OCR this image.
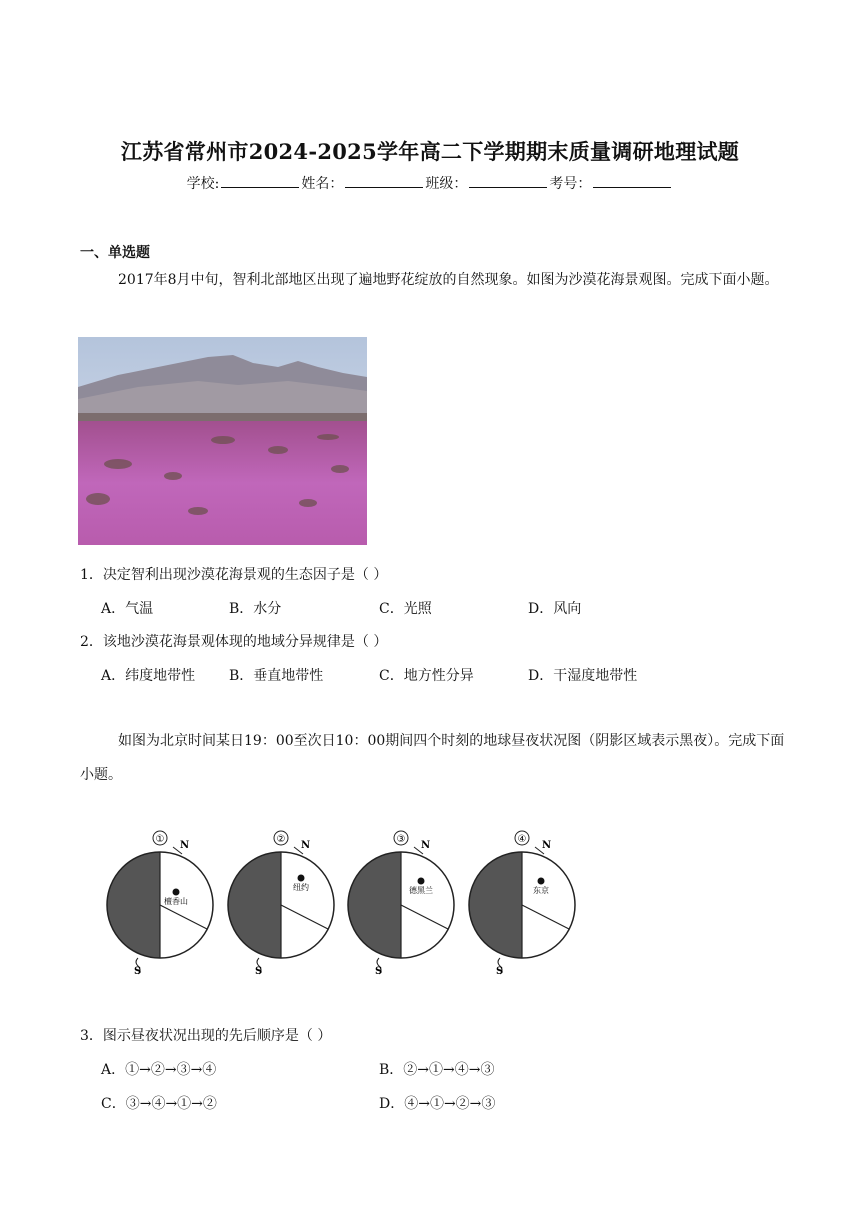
江苏省常州市2024-2025学年高二下学期期末质量调研地理试题
学校:	姓名：	班级：	考号：
一、单选题
2017年8月中旬，智利北部地区出现了遍地野花绽放的自然现象。如图为沙漠花海景观图。完成下面小题。
1．决定智利出现沙漠花海景观的生态因子是（ ）
A．气温	B．水分	C．光照	D．风向
2．该地沙漠花海景观体现的地域分异规律是（ ）
A．纬度地带性 B．垂直地带性	C．地方性分异	D．干湿度地带性
如图为北京时间某日19：00至次日10：00期间四个时刻的地球昼夜状况图（阴影区域表示黑夜）。完成下面小题。
①
N
檀香山
S
②
N
纽约
S
③
N
德黑兰
S
④
N
东京
S
3．图示昼夜状况出现的先后顺序是（ ）
A．①→②→③→④	B．②→①→④→③
C．③→④→①→②	D．④→①→②→③
